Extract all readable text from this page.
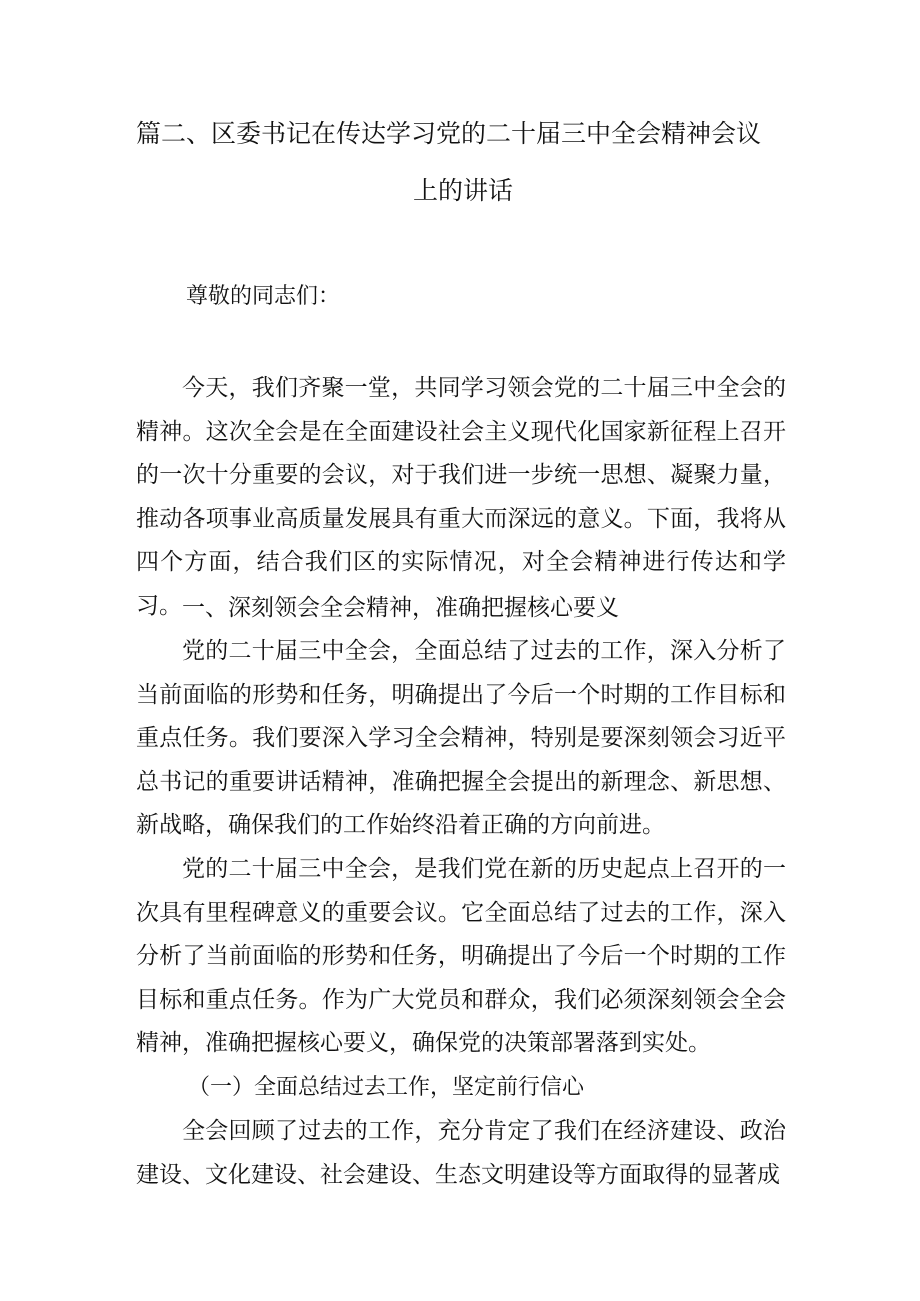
篇二、区委书记在传达学习党的二十届三中全会精神会议
上的讲话
尊敬的同志们：

今天，我们齐聚一堂，共同学习领会党的二十届三中全会的精神。这次全会是在全面建设社会主义现代化国家新征程上召开的一次十分重要的会议，对于我们进一步统一思想、凝聚力量，推动各项事业高质量发展具有重大而深远的意义。下面，我将从四个方面，结合我们区的实际情况，对全会精神进行传达和学习。 一、深刻领会全会精神，准确把握核心要义

党的二十届三中全会，全面总结了过去的工作，深入分析了当前面临的形势和任务，明确提出了今后一个时期的工作目标和重点任务。我们要深入学习全会精神，特别是要深刻领会习近平总书记的重要讲话精神，准确把握全会提出的新理念、新思想、新战略，确保我们的工作始终沿着正确的方向前进。

党的二十届三中全会，是我们党在新的历史起点上召开的一次具有里程碑意义的重要会议。它全面总结了过去的工作，深入分析了当前面临的形势和任务，明确提出了今后一个时期的工作目标和重点任务。作为广大党员和群众，我们必须深刻领会全会精神，准确把握核心要义，确保党的决策部署落到实处。

（一）全面总结过去工作，坚定前行信心

全会回顾了过去的工作，充分肯定了我们在经济建设、政治建设、文化建设、社会建设、生态文明建设等方面取得的显著成
